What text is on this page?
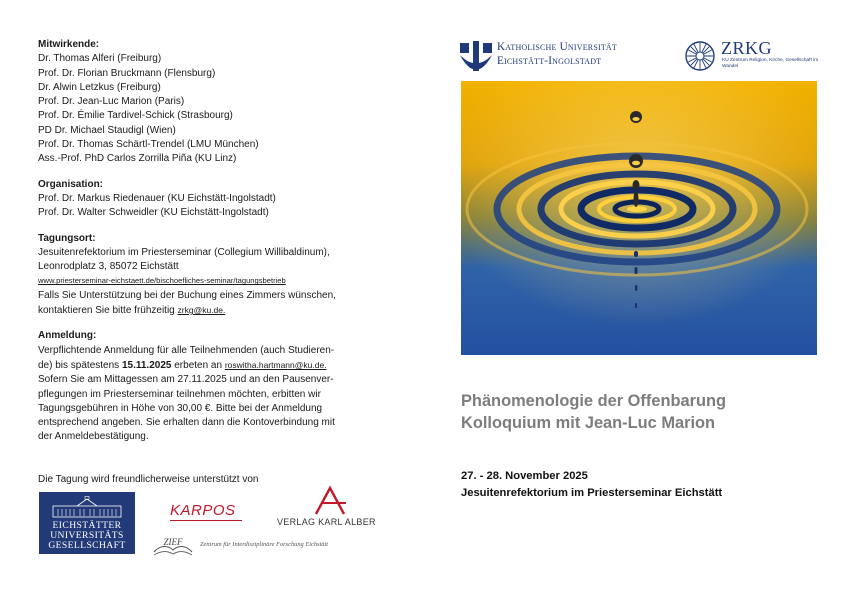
Mitwirkende:
Dr. Thomas Alferi (Freiburg)
Prof. Dr. Florian Bruckmann (Flensburg)
Dr. Alwin Letzkus (Freiburg)
Prof. Dr. Jean-Luc Marion (Paris)
Prof. Dr. Émilie Tardivel-Schick (Strasbourg)
PD Dr. Michael Staudigl (Wien)
Prof. Dr. Thomas Schärtl-Trendel (LMU München)
Ass.-Prof. PhD Carlos Zorrilla Piña (KU Linz)
Organisation:
Prof. Dr. Markus Riedenauer (KU Eichstätt-Ingolstadt)
Prof. Dr. Walter Schweidler (KU Eichstätt-Ingolstadt)
Tagungsort:
Jesuitenrefektorium im Priesterseminar (Collegium Willibaldinum),
Leonrodplatz 3, 85072 Eichstätt
www.priesterseminar-eichstaett.de/bischoefliches-seminar/tagungsbetrieb
Falls Sie Unterstützung bei der Buchung eines Zimmers wünschen,
kontaktieren Sie bitte frühzeitig zrkg@ku.de.
Anmeldung:
Verpflichtende Anmeldung für alle Teilnehmenden (auch Studieren-
de) bis spätestens 15.11.2025 erbeten an roswitha.hartmann@ku.de.
Sofern Sie am Mittagessen am 27.11.2025 und an den Pausenver-
pflegungen im Priesterseminar teilnehmen möchten, erbitten wir
Tagungsgebühren in Höhe von 30,00 €. Bitte bei der Anmeldung
entsprechend angeben. Sie erhalten dann die Kontoverbindung mit
der Anmeldebestätigung.
Die Tagung wird freundlicherweise unterstützt von
EICHSTÄTTER
UNIVERSITÄTS
GESELLSCHAFT
KARPOS
VERLAG KARL ALBER
ZIEF	Zentrum für Interdisziplinäre Forschung Eichstätt
Katholische Universität
Eichstätt-Ingolstadt
ZRKG
KU Zentrum Religion, Kirche, Gesellschaft im Wandel
Phänomenologie der Offenbarung
Kolloquium mit Jean-Luc Marion
27. - 28. November 2025
Jesuitenrefektorium im Priesterseminar Eichstätt
